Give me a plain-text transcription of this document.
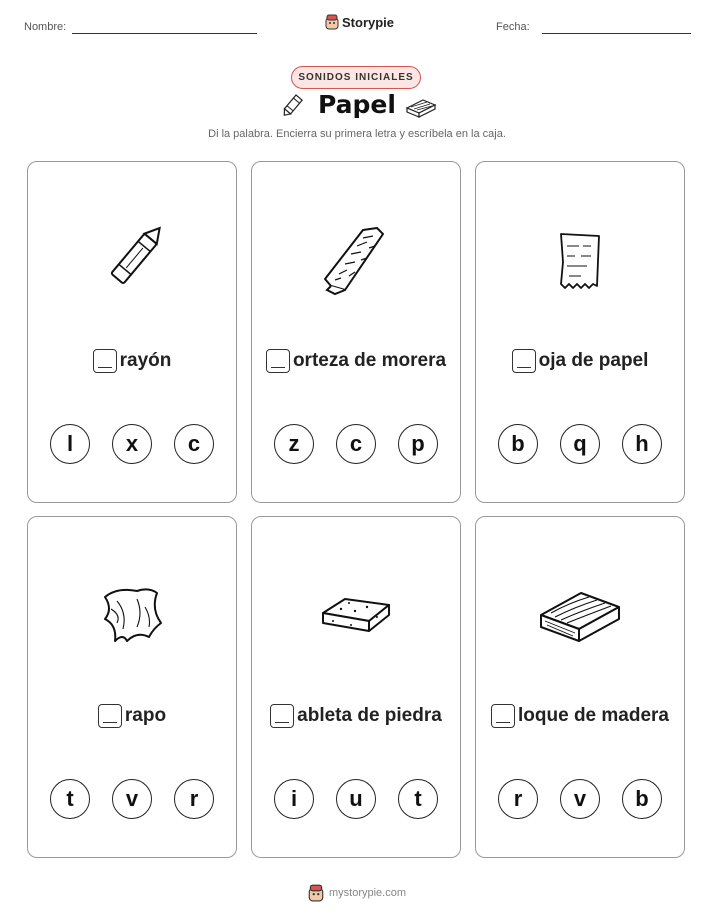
Nombre:	Storypie	Fecha:
SONIDOS INICIALES
Papel
Di la palabra. Encierra su primera letra y escríbela en la caja.
rayón
l	x	c
orteza de morera
z	c	p
oja de papel
b	q	h
rapo
t	v	r
ableta de piedra
i	u	t
loque de madera
r	v	b
mystorypie.com
